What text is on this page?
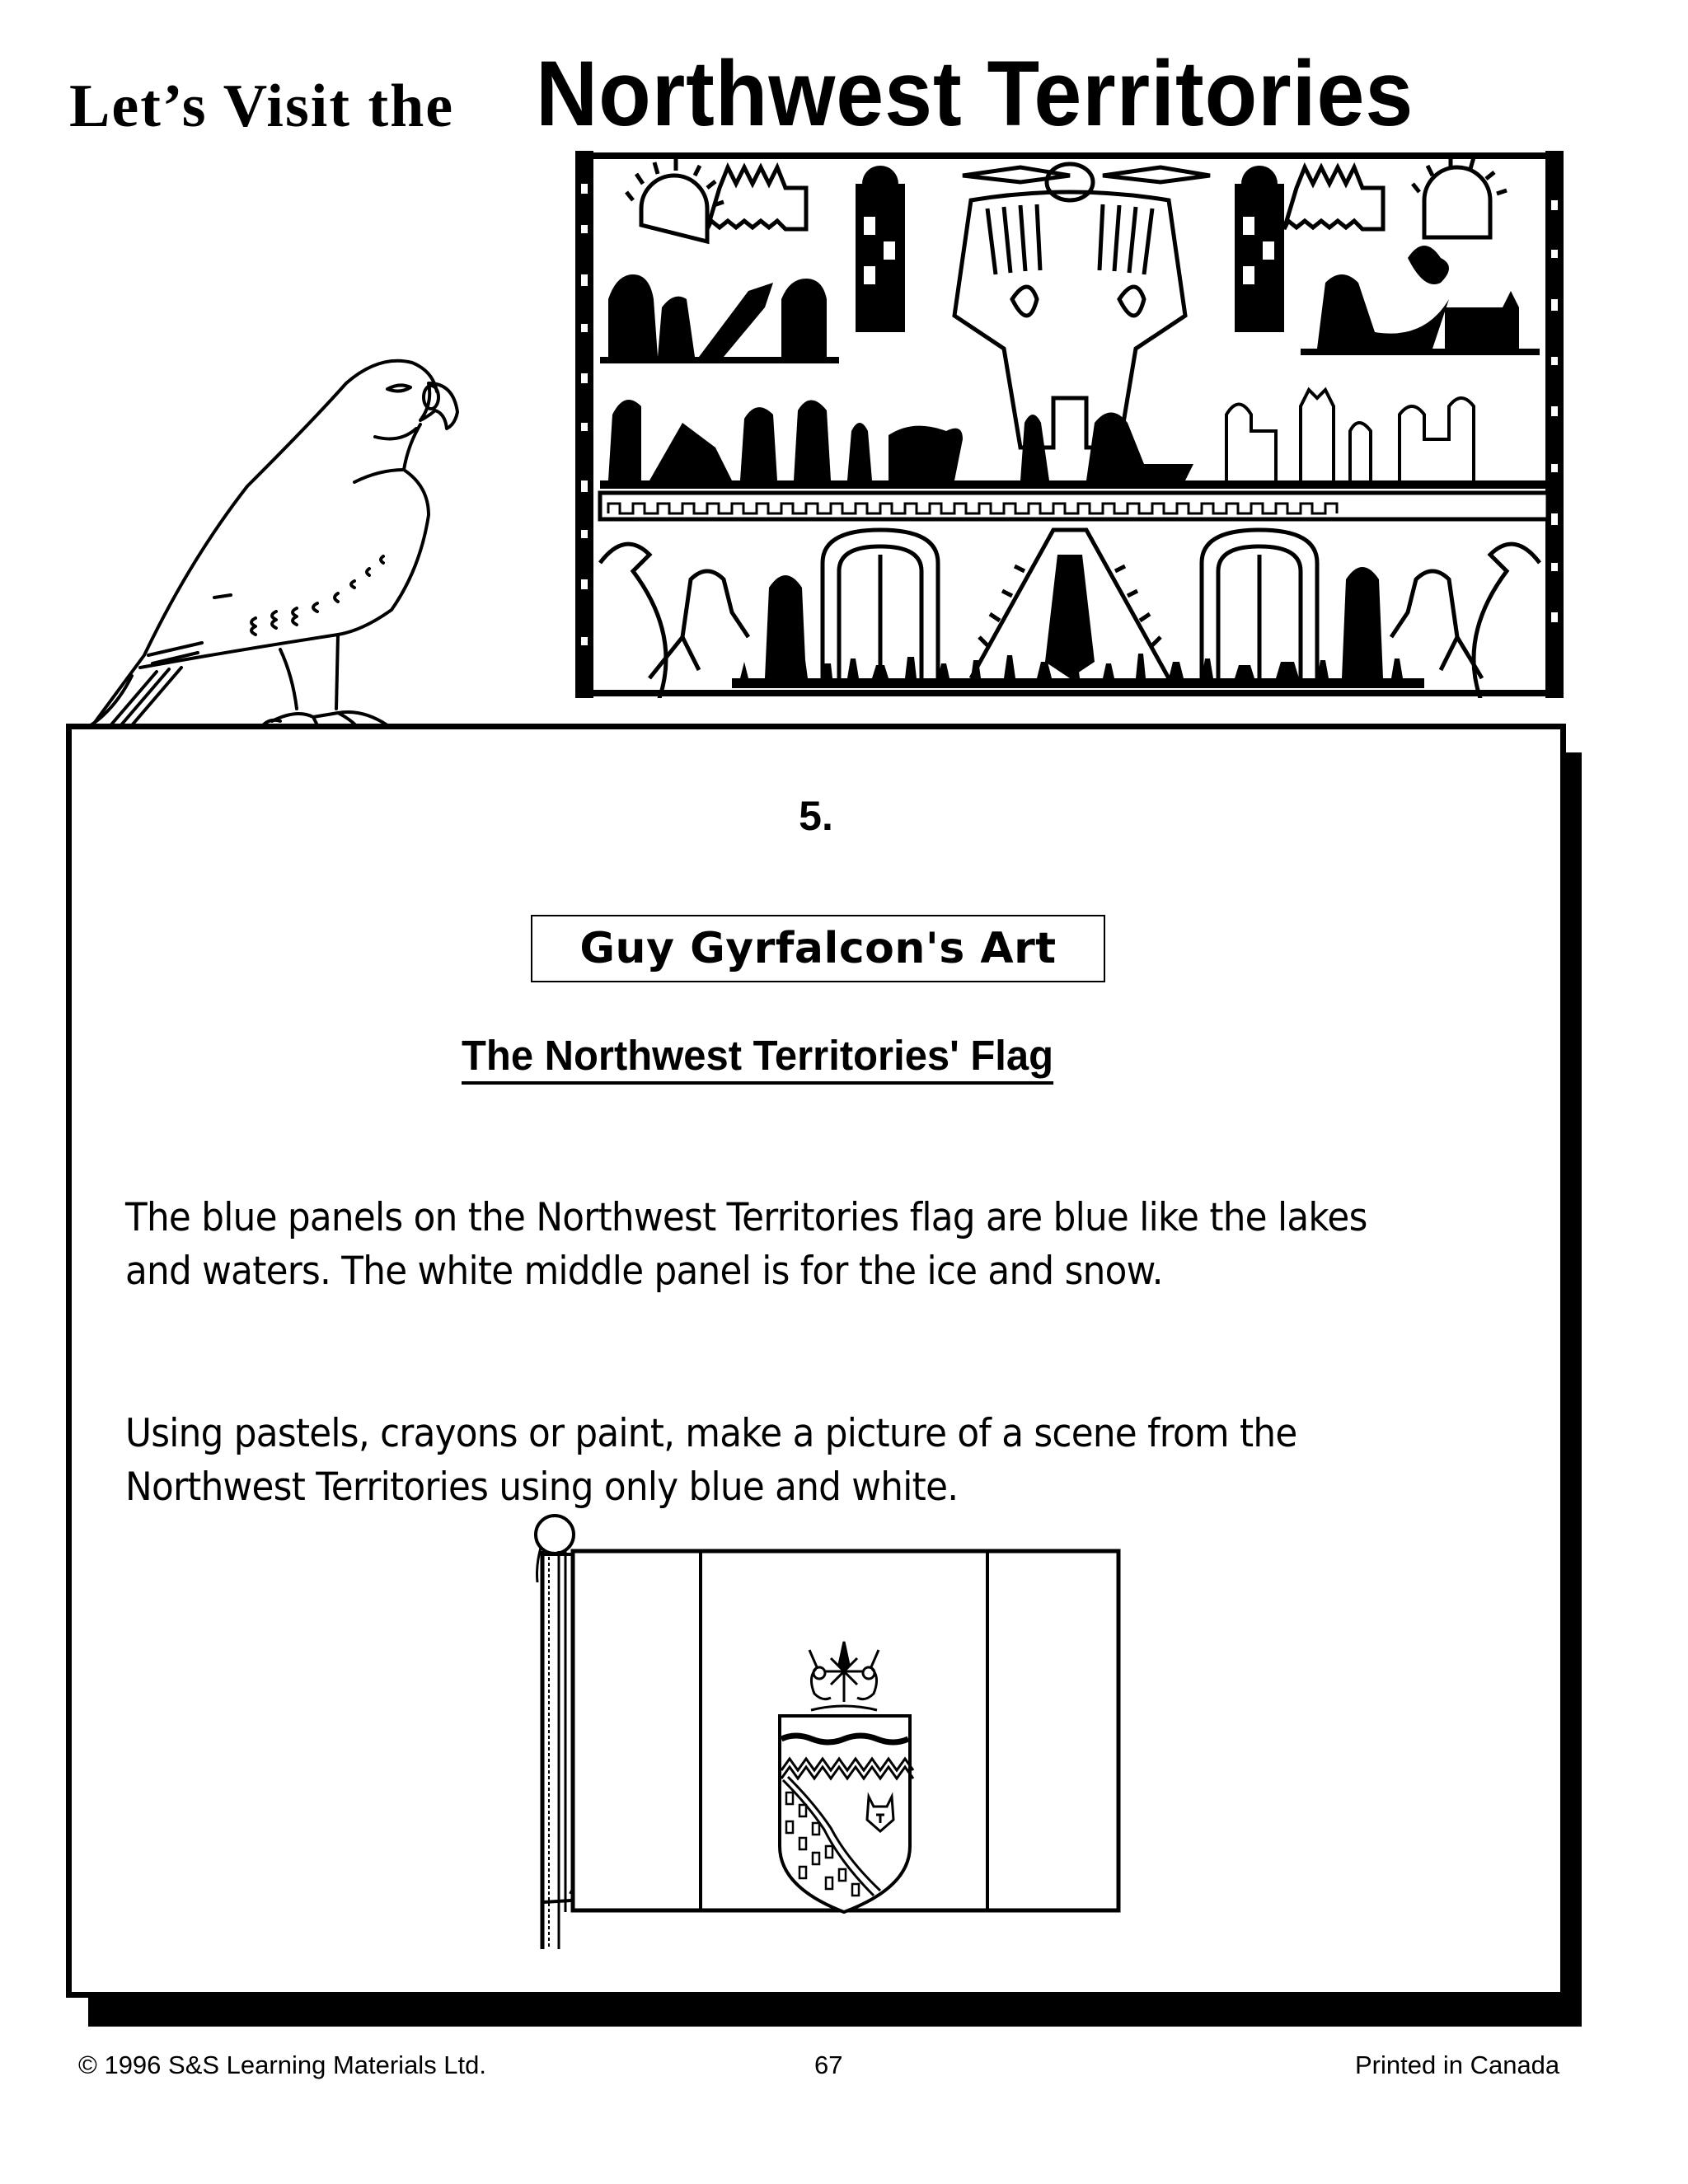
Let’s Visit the Northwest Territories
5.
Guy Gyrfalcon's Art
The Northwest Territories' Flag
The blue panels on the Northwest Territories flag are blue like the lakes and waters. The white middle panel is for the ice and snow.
Using pastels, crayons or paint, make a picture of a scene from the Northwest Territories using only blue and white.
© 1996 S&S Learning Materials Ltd.	67	Printed in Canada
